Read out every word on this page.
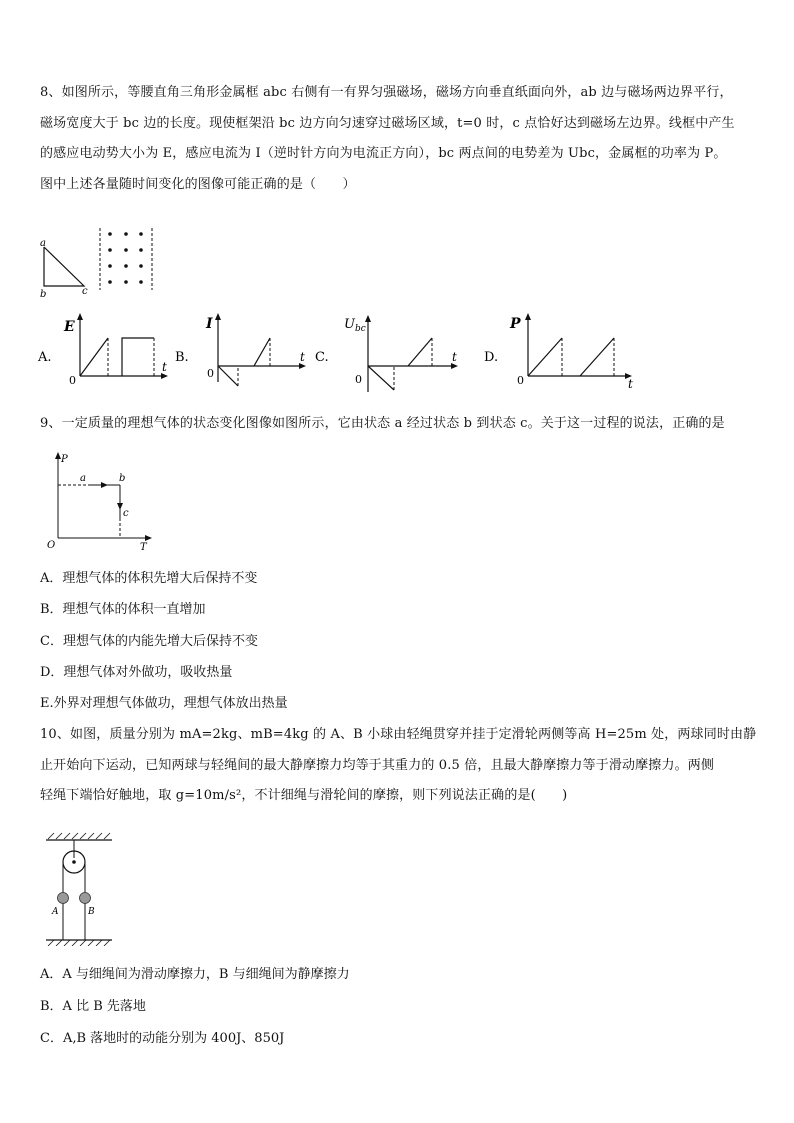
8、如图所示，等腰直角三角形金属框 abc 右侧有一有界匀强磁场，磁场方向垂直纸面向外，ab 边与磁场两边界平行，
磁场宽度大于 bc 边的长度。现使框架沿 bc 边方向匀速穿过磁场区域，t=0 时，c 点恰好达到磁场左边界。线框中产生
的感应电动势大小为 E，感应电流为 I（逆时针方向为电流正方向），bc 两点间的电势差为 Ubc，金属框的功率为 P。
图中上述各量随时间变化的图像可能正确的是（　　）
a
b	c
A.
E
0
t
B.
I
0
t C.
$U_{bc}$
0
t D.
P
0	t
9、一定质量的理想气体的状态变化图像如图所示，它由状态 a 经过状态 b 到状态 c。关于这一过程的说法，正确的是
P
T
O
a	b
c
A．理想气体的体积先增大后保持不变
B．理想气体的体积一直增加
C．理想气体的内能先增大后保持不变
D．理想气体对外做功，吸收热量
E.外界对理想气体做功，理想气体放出热量
10、如图，质量分别为 mA=2kg、mB=4kg 的 A、B 小球由轻绳贯穿并挂于定滑轮两侧等高 H=25m 处，两球同时由静
止开始向下运动，已知两球与轻绳间的最大静摩擦力均等于其重力的 0.5 倍，且最大静摩擦力等于滑动摩擦力。两侧
轻绳下端恰好触地，取 g=10m/s²，不计细绳与滑轮间的摩擦，则下列说法正确的是(　　)
A	B
A．A 与细绳间为滑动摩擦力，B 与细绳间为静摩擦力
B．A 比 B 先落地
C．A,B 落地时的动能分别为 400J、850J
